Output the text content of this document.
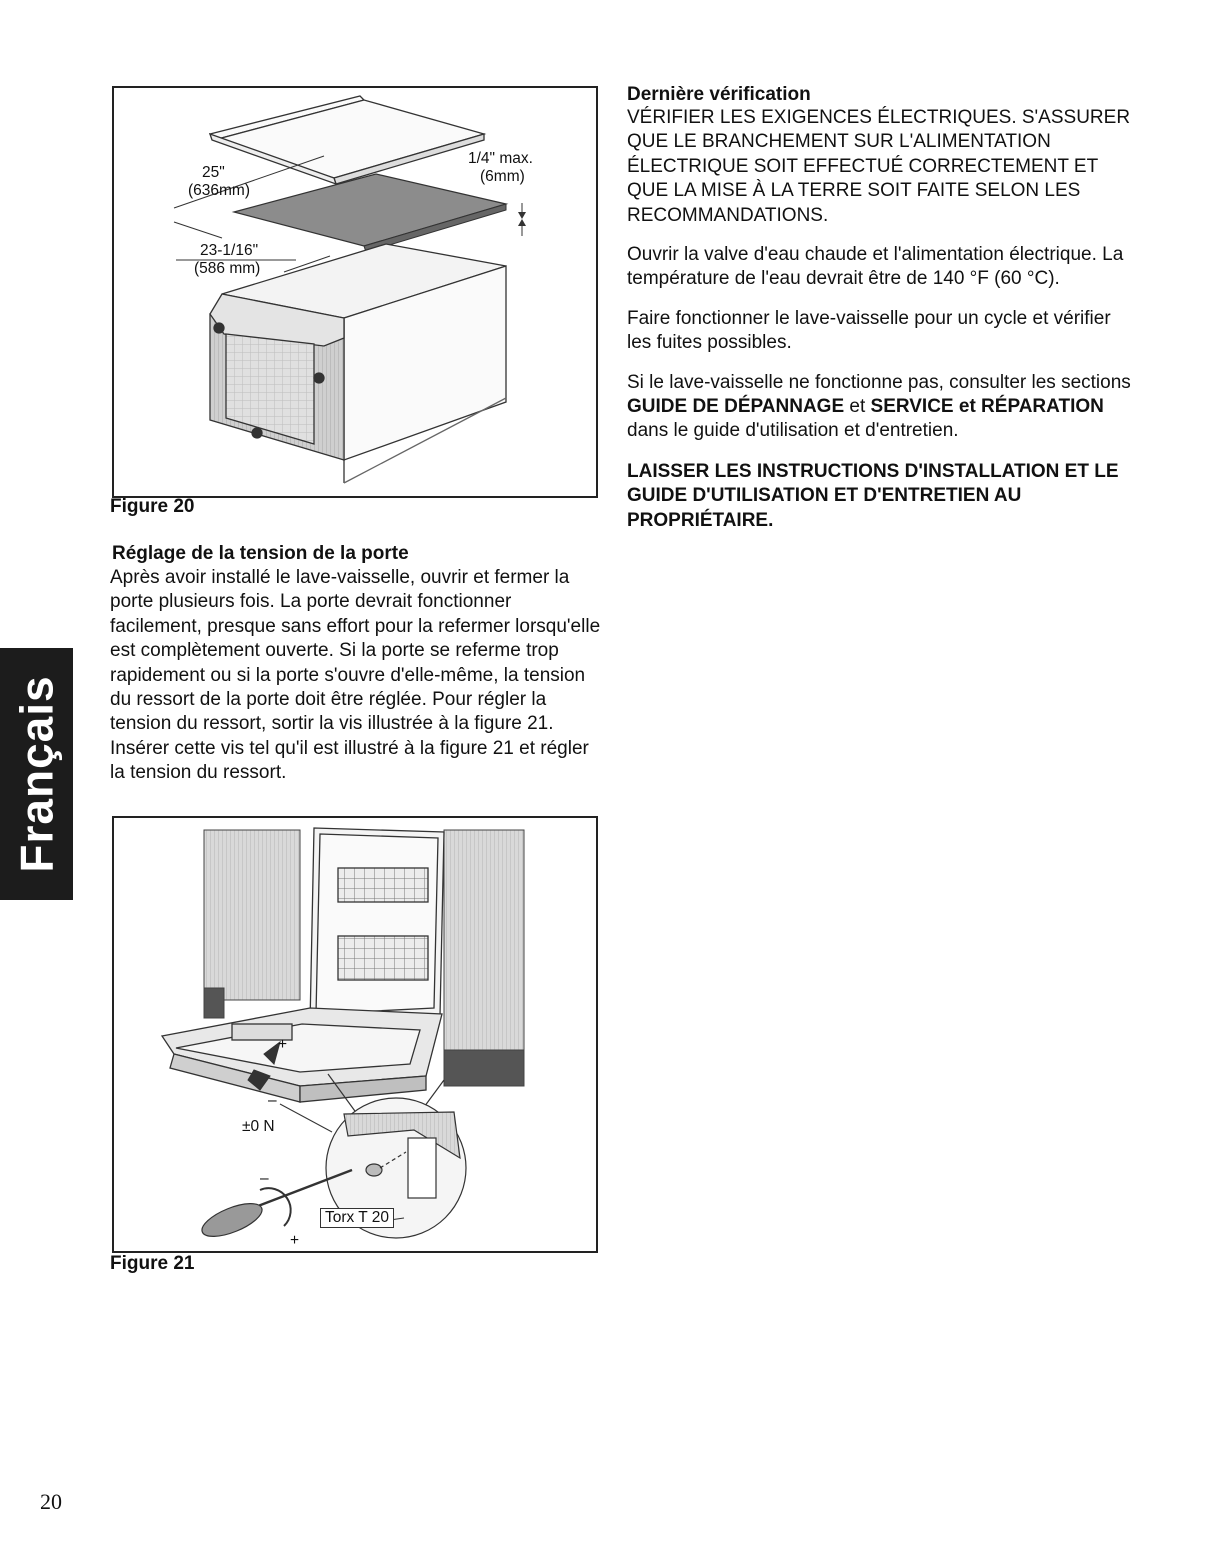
Français
25"
(636mm)
23-1/16"
(586 mm)
1/4" max.
(6mm)
Figure 20
Réglage de la tension de la porte

Après avoir installé le lave-vaisselle, ouvrir et fermer la porte plusieurs fois. La porte devrait fonctionner facilement, presque sans effort pour la refermer lorsqu'elle est complètement ouverte. Si la porte se referme trop rapidement ou si la porte s'ouvre d'elle-même, la tension du ressort de la porte doit être réglée. Pour régler la tension du ressort, sortir la vis illustrée à la figure 21. Insérer cette vis tel qu'il est illustré à la figure 21 et régler la tension du ressort.

±0 N
Torx T 20
+
–
–
+
Figure 21
Dernière vérification

VÉRIFIER LES EXIGENCES ÉLECTRIQUES. S'ASSURER QUE LE BRANCHEMENT SUR L'ALIMENTATION ÉLECTRIQUE SOIT EFFECTUÉ CORRECTEMENT ET QUE LA MISE À LA TERRE SOIT FAITE SELON LES RECOMMANDATIONS.

Ouvrir la valve d'eau chaude et l'alimentation électrique. La température de l'eau devrait être de 140 °F (60 °C).

Faire fonctionner le lave-vaisselle pour un cycle et vérifier les fuites possibles.

Si le lave-vaisselle ne fonctionne pas, consulter les sections GUIDE DE DÉPANNAGE et SERVICE et RÉPARATION dans le guide d'utilisation et d'entretien.

LAISSER LES INSTRUCTIONS D'INSTALLATION ET LE GUIDE D'UTILISATION ET D'ENTRETIEN AU PROPRIÉTAIRE.

20
